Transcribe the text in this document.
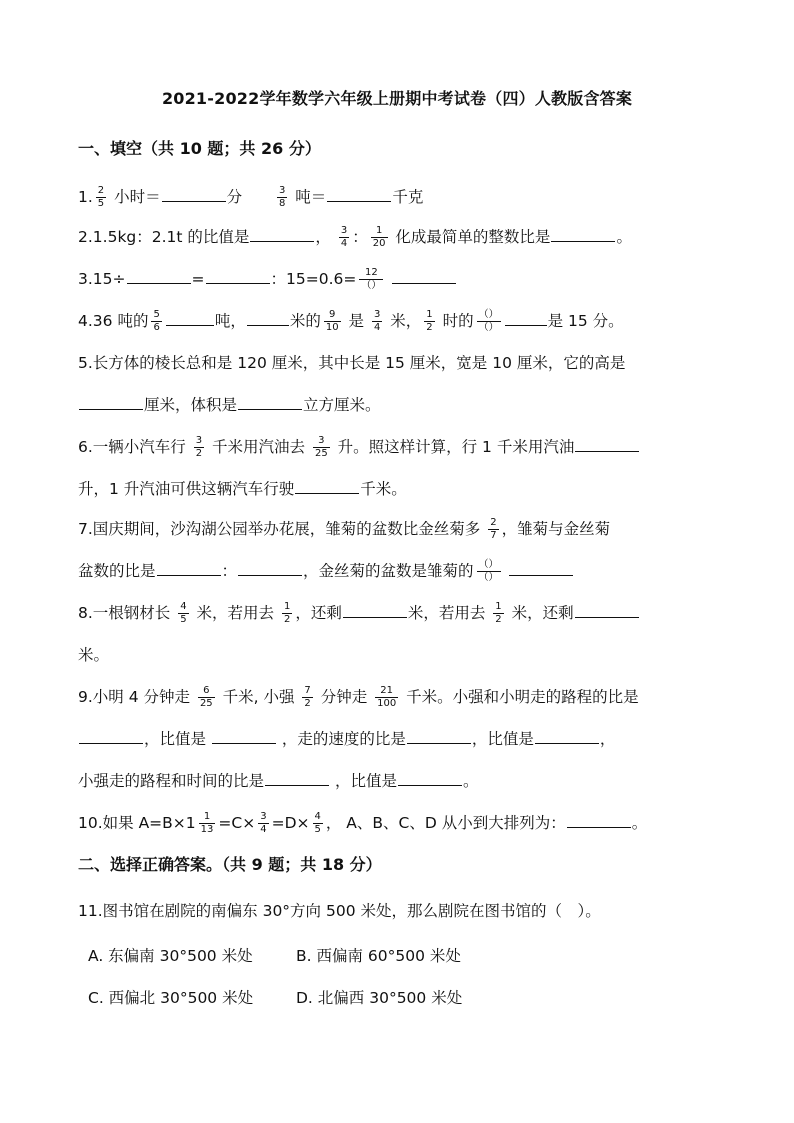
2021-2022学年数学六年级上册期中考试卷（四）人教版含答案
一、填空（共 10 题；共 26 分）
1. $\frac{2}{5}$ 小时＝	分	$\frac{3}{8}$ 吨＝	千克
2.1.5kg：2.1t 的比值是	， $\frac{3}{4}$ ： $\frac{1}{20}$ 化成最简单的整数比是	。
3.15÷	=	：$15=0.6= \frac{12}{()}$

4.36 吨的 $\frac{5}{6}$	吨，	米的 $\frac{9}{10}$ 是 $\frac{3}{4}$ 米， $\frac{1}{2}$ 时的 $\frac{()}{()}$	是 15 分。
5.长方体的棱长总和是 120 厘米，其中长是 15 厘米，宽是 10 厘米，它的高是
厘米，体积是	立方厘米。
6.一辆小汽车行 $\frac{3}{2}$ 千米用汽油去 $\frac{3}{25}$ 升。照这样计算，行 1 千米用汽油
升，1 升汽油可供这辆汽车行驶	千米。
7.国庆期间，沙沟湖公园举办花展，雏菊的盆数比金丝菊多 $\frac{2}{7}$ ，雏菊与金丝菊
盆数的比是	：	，金丝菊的盆数是雏菊的 $\frac{()}{()}$

8.一根钢材长 $\frac{4}{5}$ 米，若用去 $\frac{1}{2}$ ，还剩	米，若用去 $\frac{1}{2}$ 米，还剩
米。
9.小明 4 分钟走 $\frac{6}{25}$ 千米, 小强 $\frac{7}{2}$ 分钟走 $\frac{21}{100}$ 千米。小强和小明走的路程的比是
，比值是	，走的速度的比是	，比值是	，
小强走的路程和时间的比是	，比值是	。
10.如果 $A=B\times 1 \frac{1}{13} =C\times \frac{3}{4} =D\times \frac{4}{5}$ ， A、B、C、D 从小到大排列为：	。
二、选择正确答案。（共 9 题；共 18 分）
11.图书馆在剧院的南偏东 30°方向 500 米处，那么剧院在图书馆的（　）。
A. 东偏南 30°500 米处	B. 西偏南 60°500 米处
C. 西偏北 30°500 米处	D. 北偏西 30°500 米处
